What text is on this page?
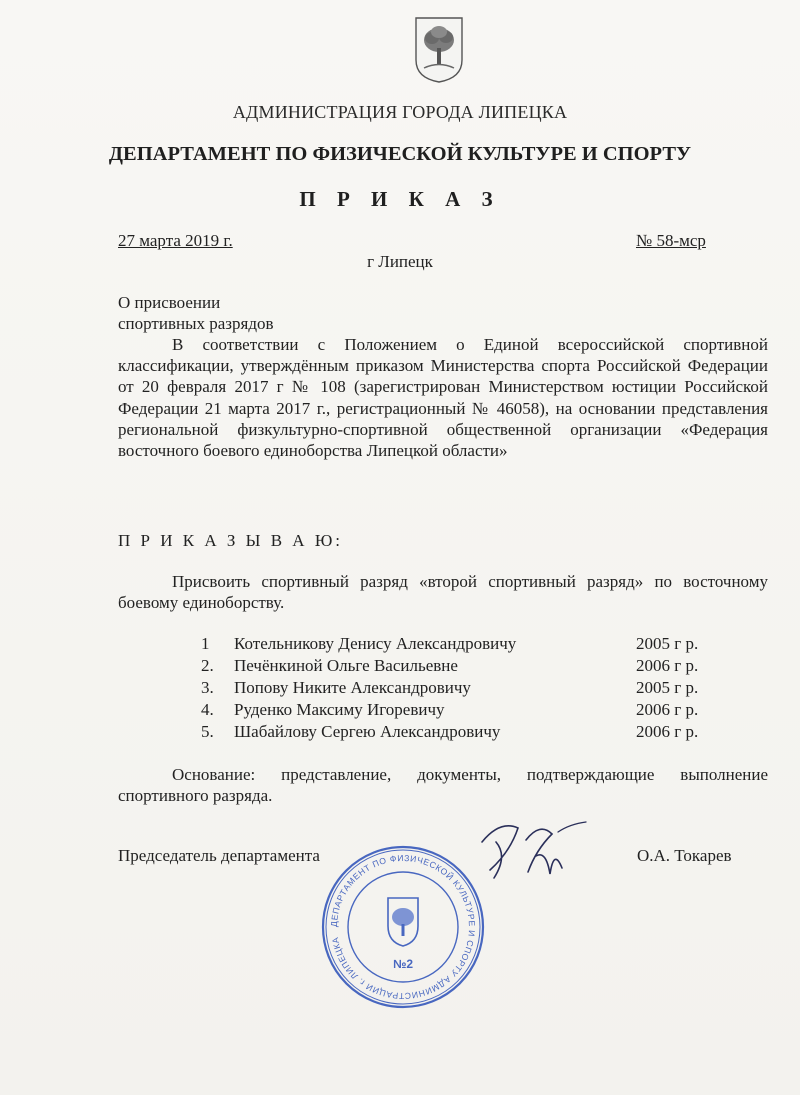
АДМИНИСТРАЦИЯ ГОРОДА ЛИПЕЦКА
ДЕПАРТАМЕНТ ПО ФИЗИЧЕСКОЙ КУЛЬТУРЕ И СПОРТУ
П Р И К А З
27 марта 2019 г.	№ 58-мср
г Липецк
О присвоении
спортивных разрядов
В соответствии с Положением о Единой всероссийской спортивной классификации, утверждённым приказом Министерства спорта Российской Федерации от 20 февраля 2017 г № 108 (зарегистрирован Министерством юстиции Российской Федерации 21 марта 2017 г., регистрационный № 46058), на основании представления региональной физкультурно-спортивной общественной организации «Федерация восточного боевого единоборства Липецкой области»
П Р И К А З Ы В А Ю:
Присвоить спортивный разряд «второй спортивный разряд» по восточному боевому единоборству.
1	Котельникову Денису Александровичу	2005 г р.
2.	Печёнкиной Ольге Васильевне	2006 г р.
3.	Попову Никите Александровичу	2005 г р.
4.	Руденко Максиму Игоревичу	2006 г р.
5.	Шабайлову Сергею Александровичу	2006 г р.
Основание: представление, документы, подтверждающие выполнение спортивного разряда.
ДЕПАРТАМЕНТ ПО ФИЗИЧЕСКОЙ КУЛЬТУРЕ И СПОРТУ АДМИНИСТРАЦИИ г. ЛИПЕЦКА
№2
Председатель департамента	О.А. Токарев
